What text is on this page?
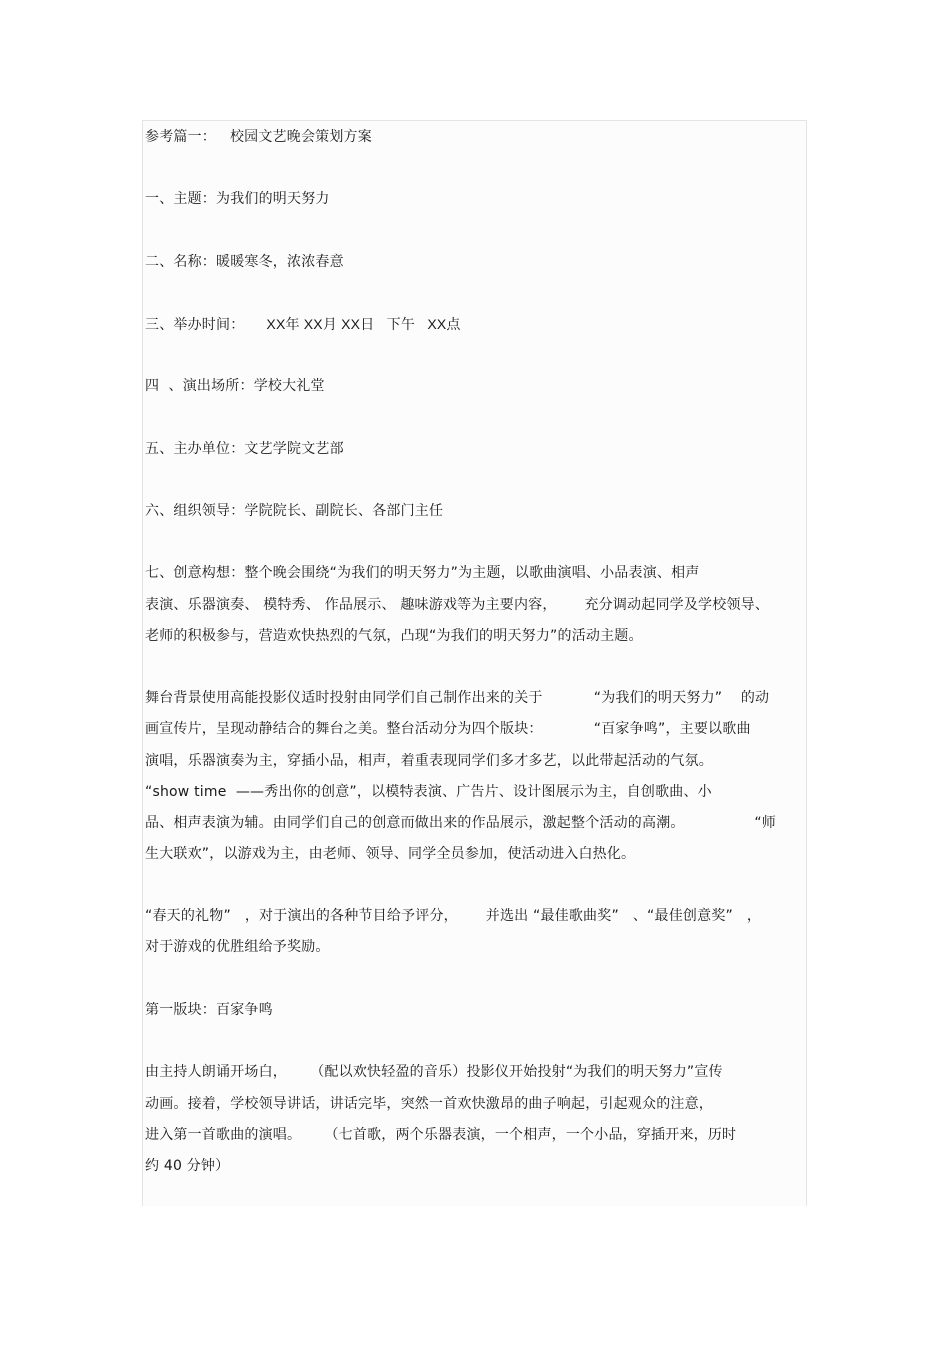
参考篇一：   校园文艺晚会策划方案
一、主题：为我们的明天努力
二、名称：暖暖寒冬，浓浓春意
三、举办时间： XX年 XX月 XX日   下午   XX点
四  、演出场所：学校大礼堂
五、主办单位：文艺学院文艺部
六、组织领导：学院院长、副院长、各部门主任
七、创意构想：整个晚会围绕“为我们的明天努力”为主题，以歌曲演唱、小品表演、相声
表演、乐器演奏、 模特秀、 作品展示、 趣味游戏等为主要内容，      充分调动起同学及学校领导、
老师的积极参与，营造欢快热烈的气氛，凸现“为我们的明天努力”的活动主题。
舞台背景使用高能投影仪适时投射由同学们自己制作出来的关于           “为我们的明天努力”    的动
画宣传片，呈现动静结合的舞台之美。整台活动分为四个版块：           “百家争鸣”，主要以歌曲
演唱，乐器演奏为主，穿插小品，相声，着重表现同学们多才多艺，以此带起活动的气氛。
“show time  ——秀出你的创意”，以模特表演、广告片、设计图展示为主，自创歌曲、小
品、相声表演为辅。由同学们自己的创意而做出来的作品展示，激起整个活动的高潮。               “师
生大联欢”，以游戏为主，由老师、领导、同学全员参加，使活动进入白热化。
“春天的礼物”   ，对于演出的各种节目给予评分，      并选出 “最佳歌曲奖”   、“最佳创意奖”   ，
对于游戏的优胜组给予奖励。
第一版块：百家争鸣
由主持人朗诵开场白，     （配以欢快轻盈的音乐）投影仪开始投射“为我们的明天努力”宣传
动画。接着，学校领导讲话，讲话完毕，突然一首欢快激昂的曲子响起，引起观众的注意，
进入第一首歌曲的演唱。     （七首歌，两个乐器表演，一个相声，一个小品，穿插开来，历时
约 40 分钟）
